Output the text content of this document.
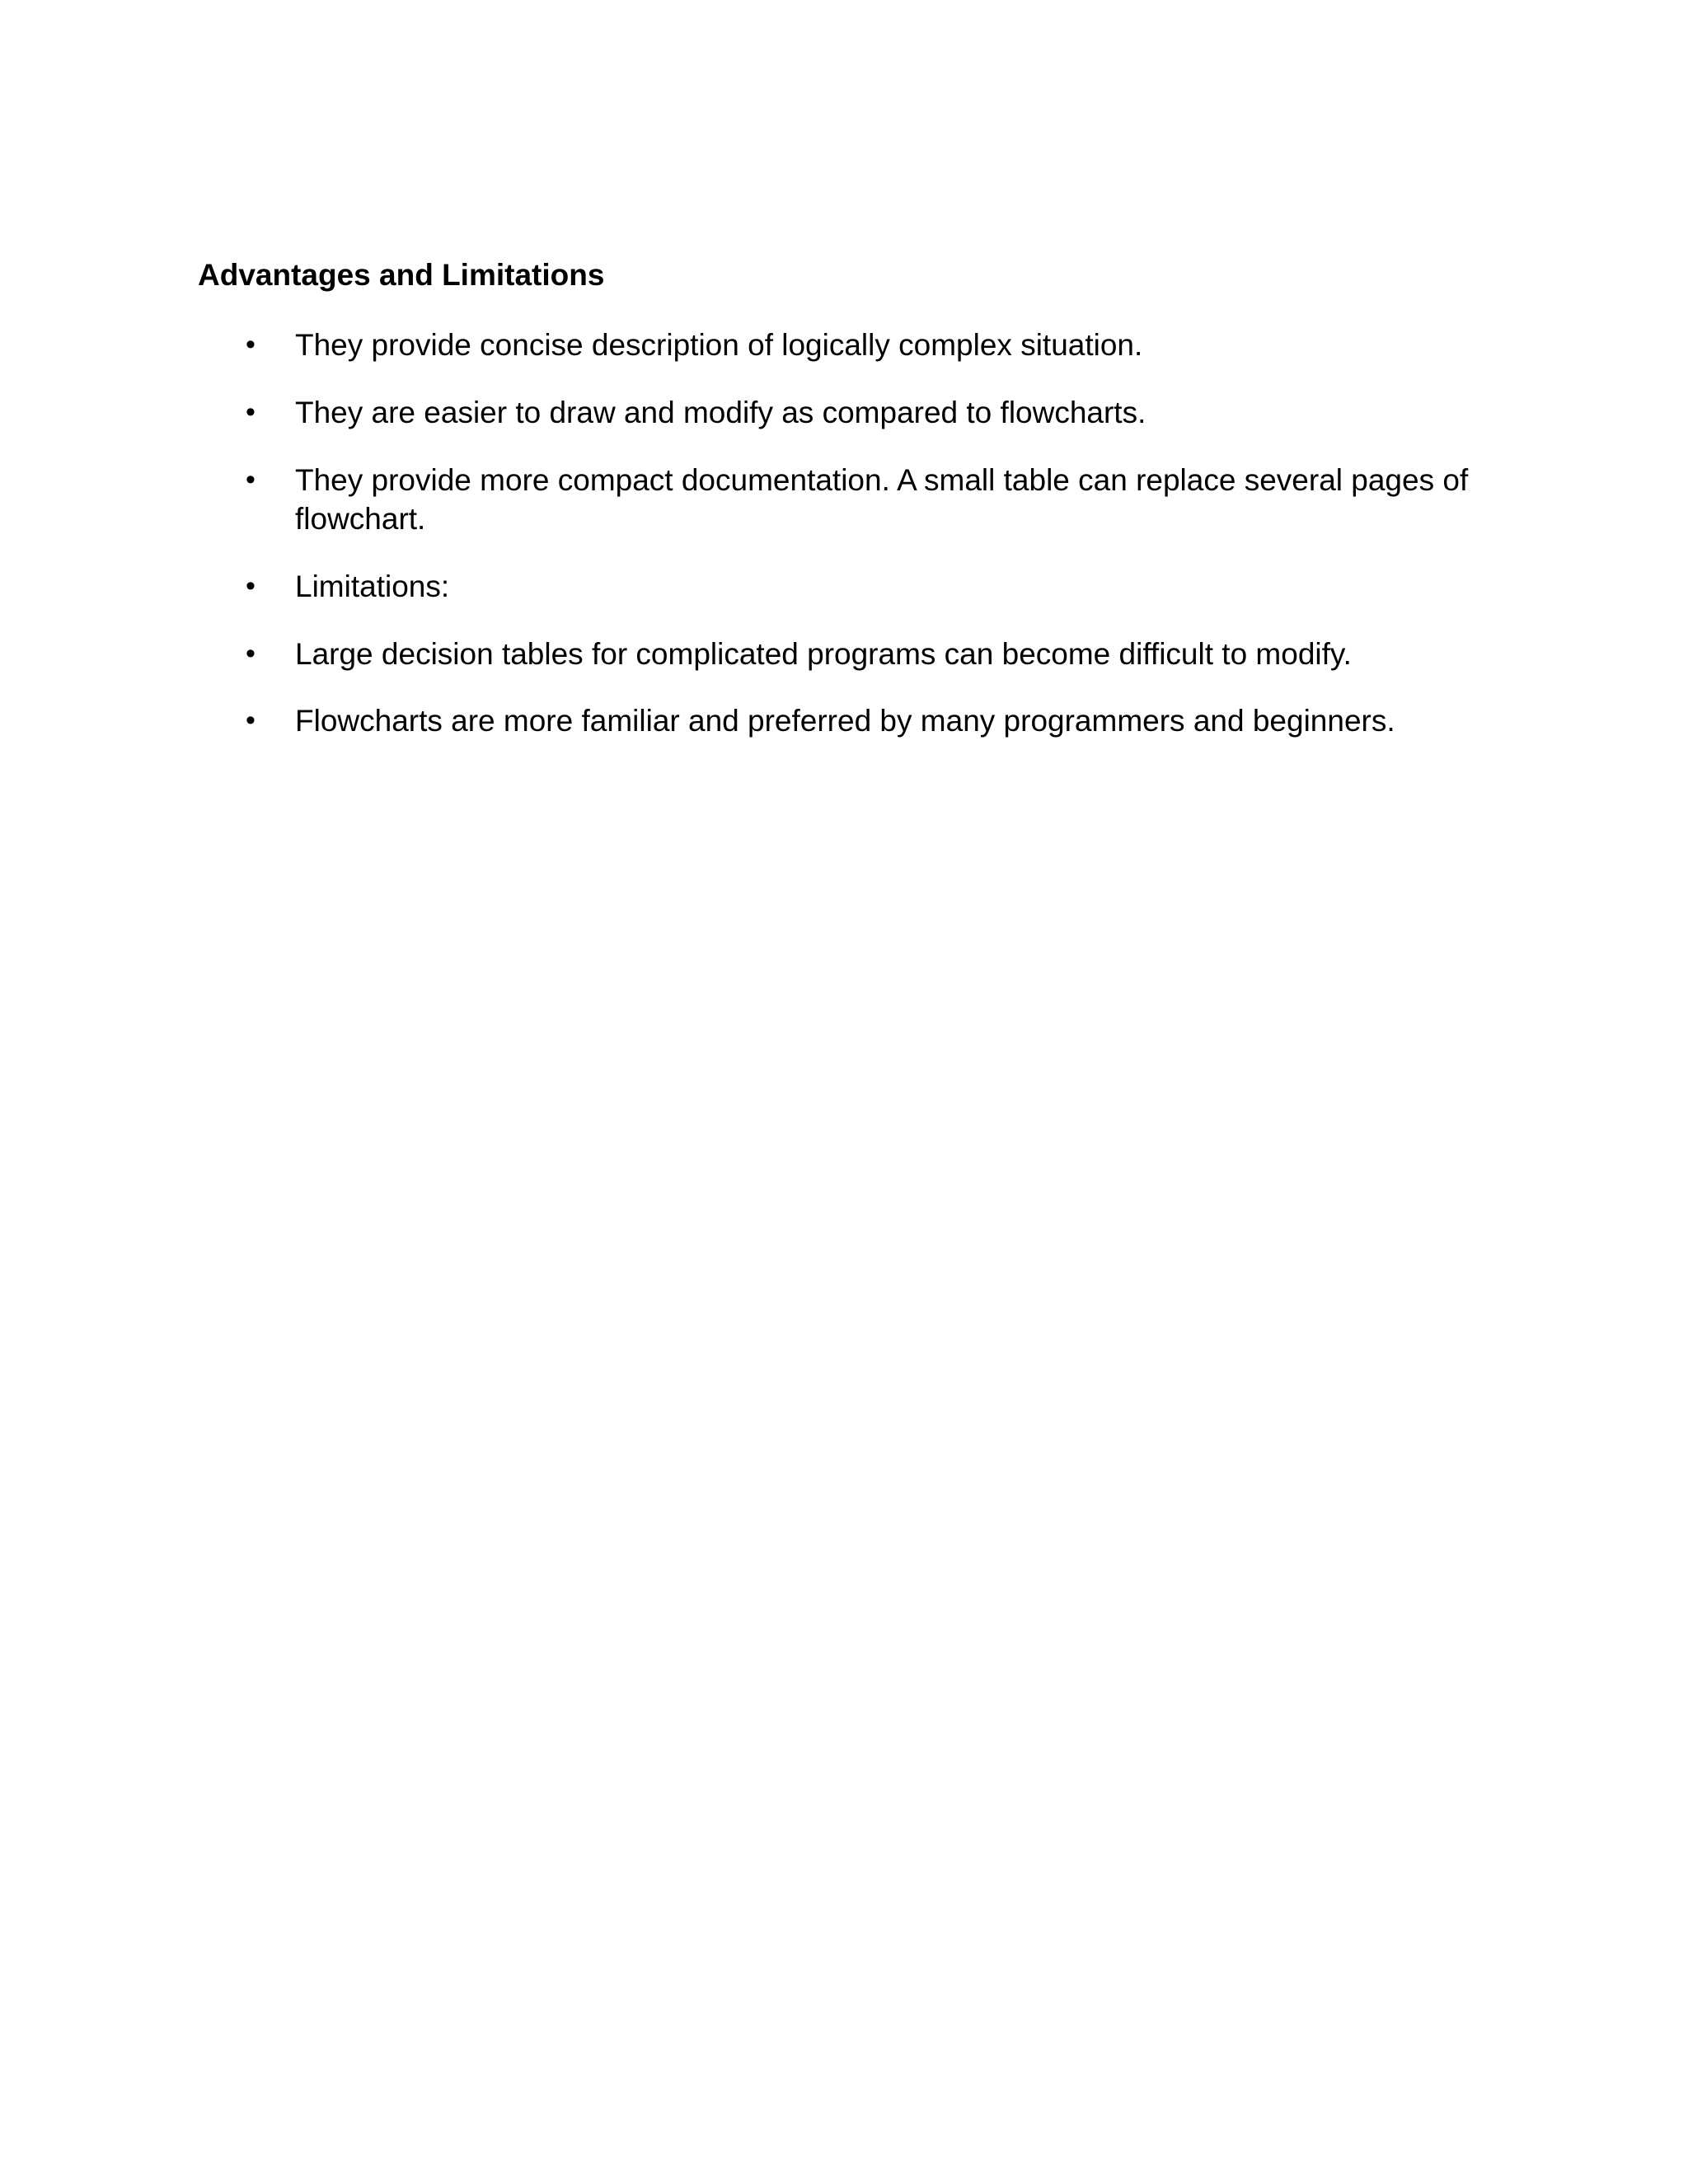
Advantages and Limitations
• They provide concise description of logically complex situation.
• They are easier to draw and modify as compared to flowcharts.
• They provide more compact documentation. A small table can replace several pages of flowchart.
• Limitations:
• Large decision tables for complicated programs can become difficult to modify.
• Flowcharts are more familiar and preferred by many programmers and beginners.
